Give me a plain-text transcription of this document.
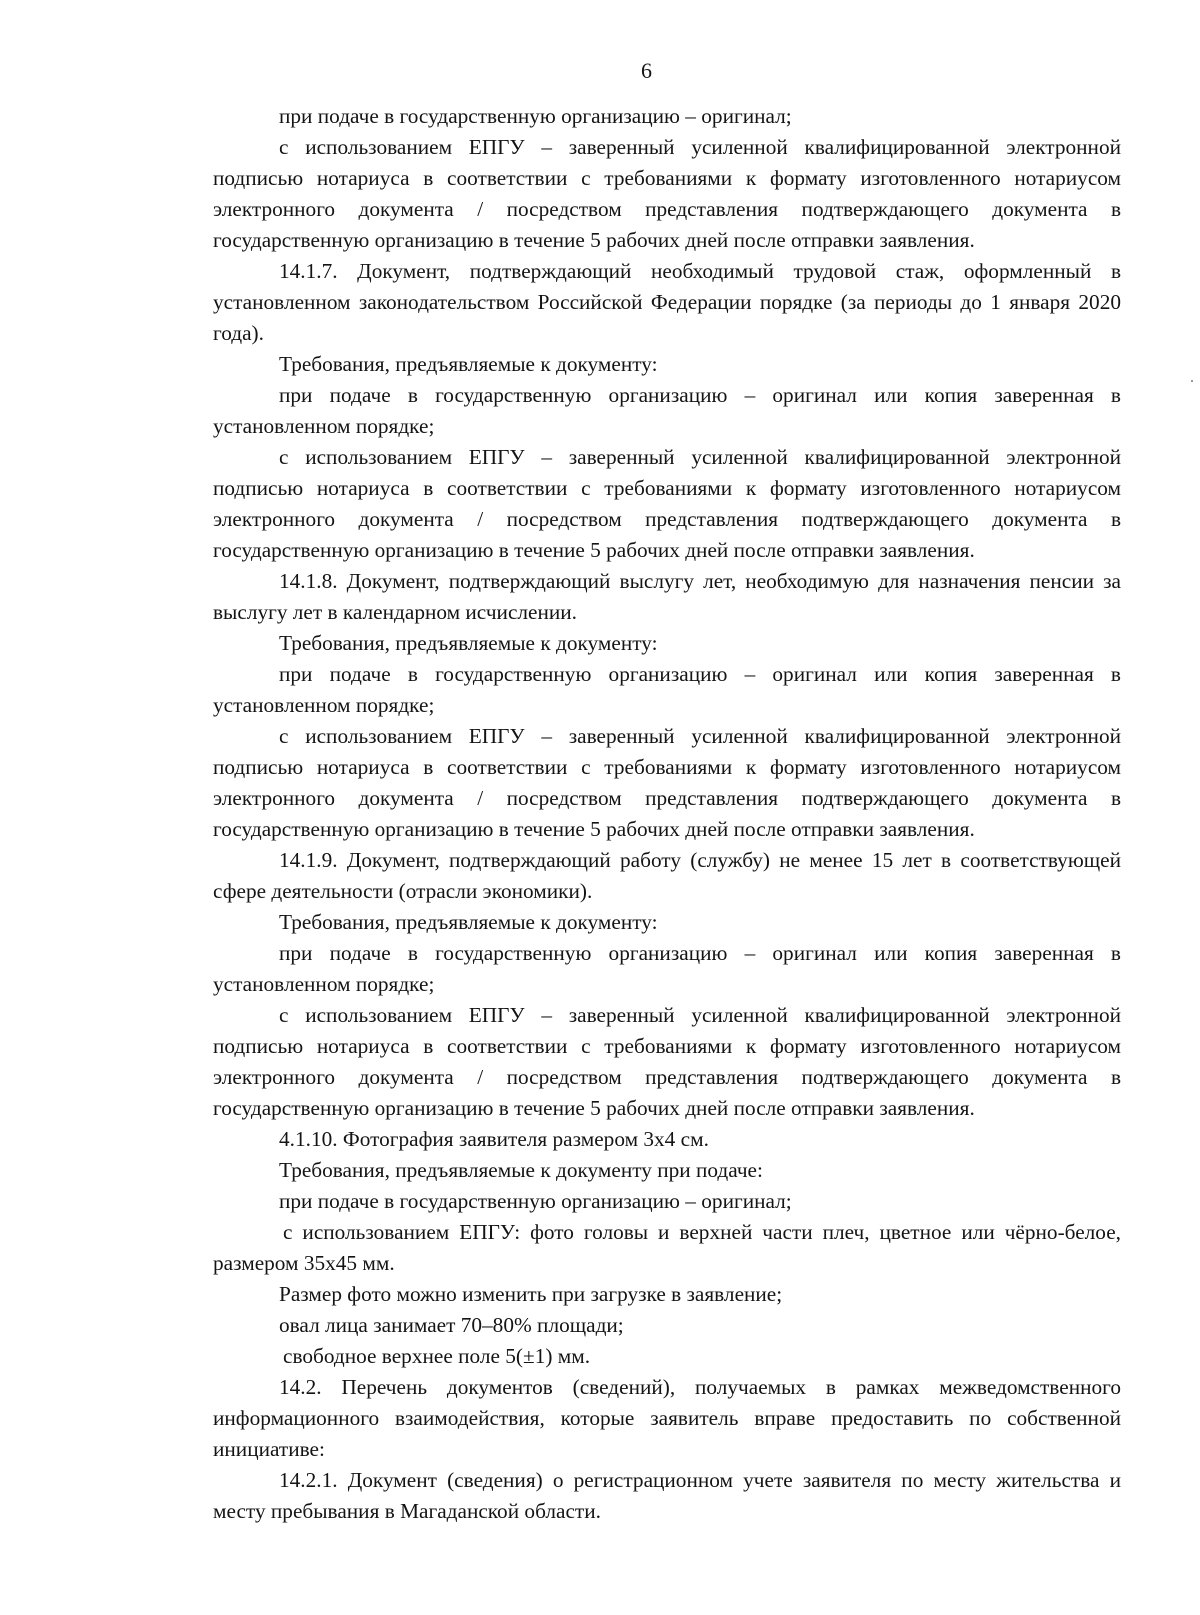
6

при подаче в государственную организацию – оригинал;

с использованием ЕПГУ – заверенный усиленной квалифицированной электронной подписью нотариуса в соответствии с требованиями к формату изготовленного нотариусом электронного документа / посредством представления подтверждающего документа в государственную организацию в течение 5 рабочих дней после отправки заявления.

14.1.7. Документ, подтверждающий необходимый трудовой стаж, оформленный в установленном законодательством Российской Федерации порядке (за периоды до 1 января 2020 года).

Требования, предъявляемые к документу:

при подаче в государственную организацию – оригинал или копия заверенная в установленном порядке;

с использованием ЕПГУ – заверенный усиленной квалифицированной электронной подписью нотариуса в соответствии с требованиями к формату изготовленного нотариусом электронного документа / посредством представления подтверждающего документа в государственную организацию в течение 5 рабочих дней после отправки заявления.

14.1.8. Документ, подтверждающий выслугу лет, необходимую для назначения пенсии за выслугу лет в календарном исчислении.

Требования, предъявляемые к документу:

при подаче в государственную организацию – оригинал или копия заверенная в установленном порядке;

с использованием ЕПГУ – заверенный усиленной квалифицированной электронной подписью нотариуса в соответствии с требованиями к формату изготовленного нотариусом электронного документа / посредством представления подтверждающего документа в государственную организацию в течение 5 рабочих дней после отправки заявления.

14.1.9. Документ, подтверждающий работу (службу) не менее 15 лет в соответствующей сфере деятельности (отрасли экономики).

Требования, предъявляемые к документу:

при подаче в государственную организацию – оригинал или копия заверенная в установленном порядке;

с использованием ЕПГУ – заверенный усиленной квалифицированной электронной подписью нотариуса в соответствии с требованиями к формату изготовленного нотариусом электронного документа / посредством представления подтверждающего документа в государственную организацию в течение 5 рабочих дней после отправки заявления.

4.1.10. Фотография заявителя размером 3х4 см.

Требования, предъявляемые к документу при подаче:

при подаче в государственную организацию – оригинал;

с использованием ЕПГУ: фото головы и верхней части плеч, цветное или чёрно-белое, размером 35х45 мм.

Размер фото можно изменить при загрузке в заявление;

овал лица занимает 70–80% площади;

свободное верхнее поле 5(±1) мм.

14.2. Перечень документов (сведений), получаемых в рамках межведомственного информационного взаимодействия, которые заявитель вправе предоставить по собственной инициативе:

14.2.1. Документ (сведения) о регистрационном учете заявителя по месту жительства и месту пребывания в Магаданской области.
